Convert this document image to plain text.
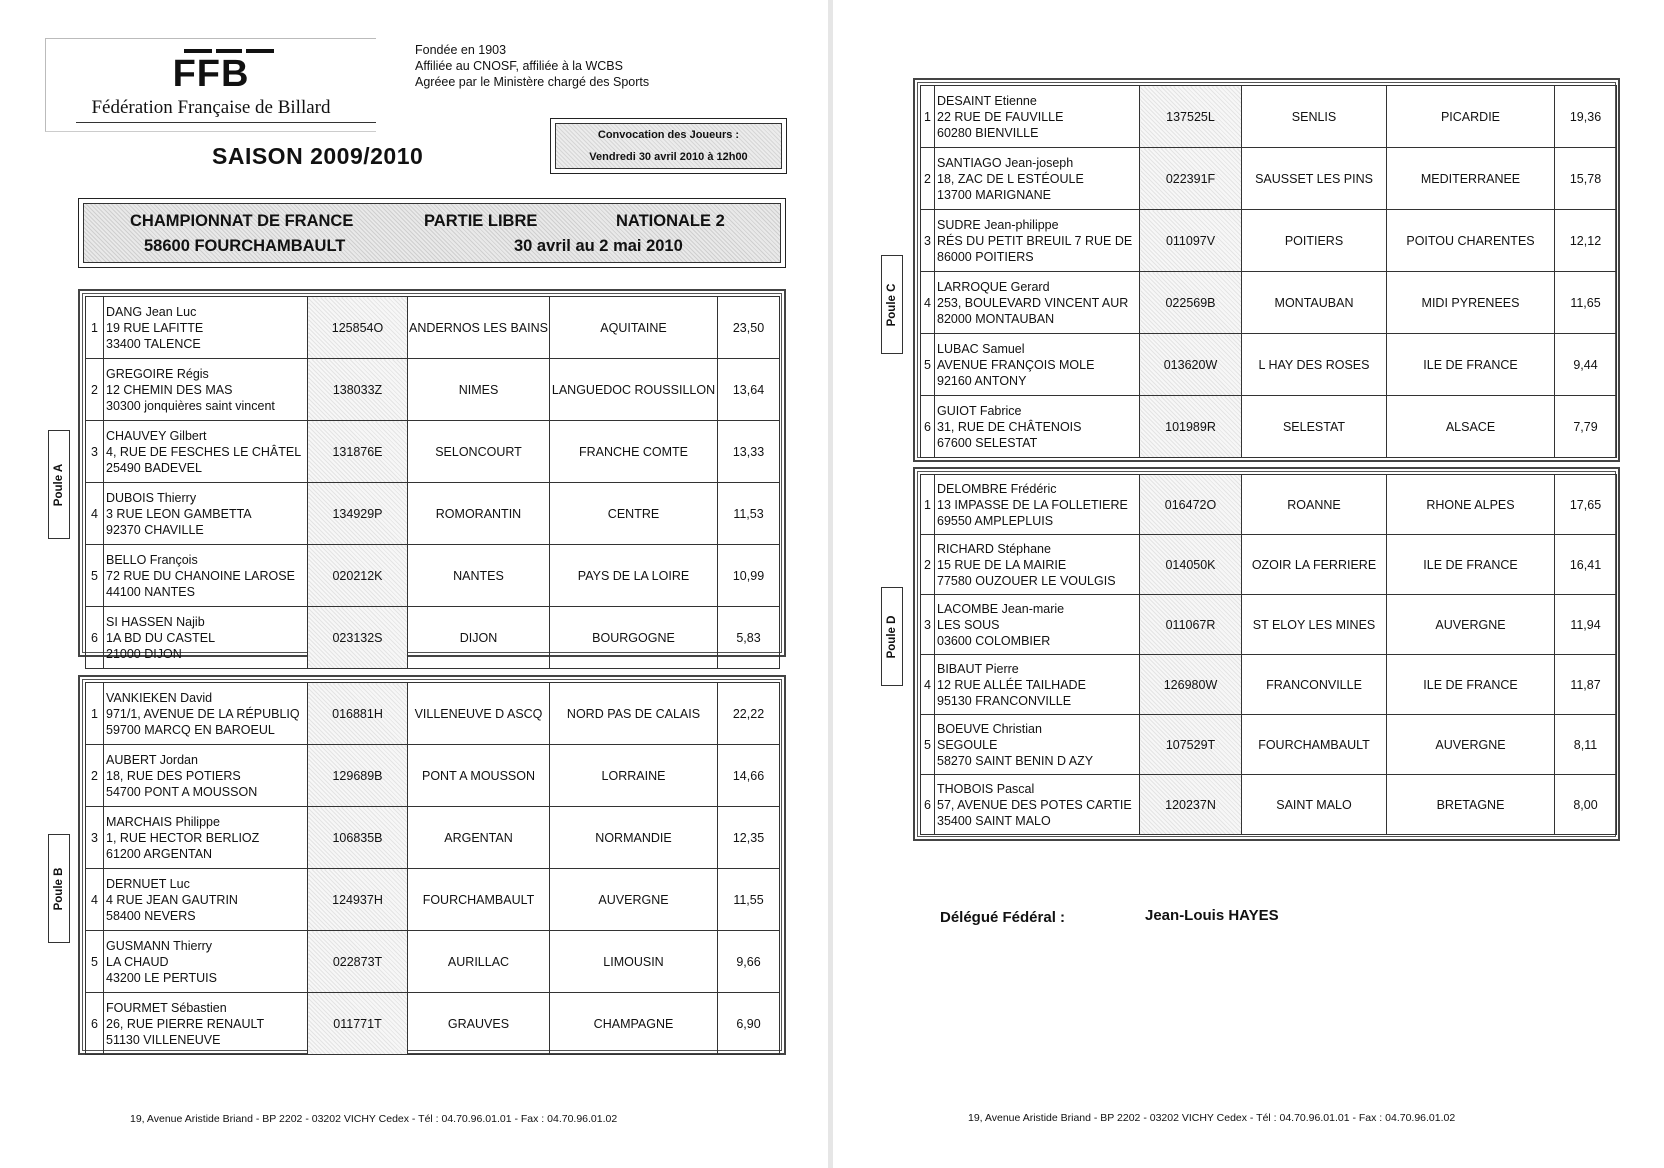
FFB
Fédération Française de Billard
Fondée en 1903
Affiliée au CNOSF, affiliée à la WCBS
Agréee par le Ministère chargé des Sports
SAISON 2009/2010
Convocation des Joueurs :
Vendredi 30 avril 2010 à 12h00
CHAMPIONNAT DE FRANCE	PARTIE LIBRE	NATIONALE 2
58600 FOURCHAMBAULT	30 avril au 2 mai 2010
Poule A
1	DANG Jean Luc
19 RUE LAFITTE
33400 TALENCE	125854O	ANDERNOS LES BAINS	AQUITAINE	23,50
2	GREGOIRE Régis
12 CHEMIN DES MAS
30300 jonquières saint vincent	138033Z	NIMES	LANGUEDOC ROUSSILLON	13,64
3	CHAUVEY Gilbert
4, RUE DE FESCHES LE CHÂTEL
25490 BADEVEL	131876E	SELONCOURT	FRANCHE COMTE	13,33
4	DUBOIS Thierry
3 RUE LEON GAMBETTA
92370 CHAVILLE	134929P	ROMORANTIN	CENTRE	11,53
5	BELLO François
72 RUE DU CHANOINE LAROSE
44100 NANTES	020212K	NANTES	PAYS DE LA LOIRE	10,99
6	SI HASSEN Najib
1A BD DU CASTEL
21000 DIJON	023132S	DIJON	BOURGOGNE	5,83
Poule B
1	VANKIEKEN David
971/1, AVENUE DE LA RÉPUBLIQ
59700 MARCQ EN BAROEUL	016881H	VILLENEUVE D ASCQ	NORD PAS DE CALAIS	22,22
2	AUBERT Jordan
18, RUE DES POTIERS
54700 PONT A MOUSSON	129689B	PONT A MOUSSON	LORRAINE	14,66
3	MARCHAIS Philippe
1, RUE HECTOR BERLIOZ
61200 ARGENTAN	106835B	ARGENTAN	NORMANDIE	12,35
4	DERNUET Luc
4 RUE JEAN GAUTRIN
58400 NEVERS	124937H	FOURCHAMBAULT	AUVERGNE	11,55
5	GUSMANN Thierry
LA CHAUD
43200 LE PERTUIS	022873T	AURILLAC	LIMOUSIN	9,66
6	FOURMET Sébastien
26, RUE PIERRE RENAULT
51130 VILLENEUVE	011771T	GRAUVES	CHAMPAGNE	6,90
19, Avenue Aristide Briand - BP 2202 - 03202 VICHY Cedex - Tél : 04.70.96.01.01 - Fax : 04.70.96.01.02
Poule C
1	DESAINT Etienne
22 RUE DE FAUVILLE
60280 BIENVILLE	137525L	SENLIS	PICARDIE	19,36
2	SANTIAGO Jean-joseph
18, ZAC DE L ESTÉOULE
13700 MARIGNANE	022391F	SAUSSET LES PINS	MEDITERRANEE	15,78
3	SUDRE Jean-philippe
RÉS DU PETIT BREUIL 7 RUE DE
86000 POITIERS	011097V	POITIERS	POITOU CHARENTES	12,12
4	LARROQUE Gerard
253, BOULEVARD VINCENT AUR
82000 MONTAUBAN	022569B	MONTAUBAN	MIDI PYRENEES	11,65
5	LUBAC Samuel
AVENUE FRANÇOIS MOLE
92160 ANTONY	013620W	L HAY DES ROSES	ILE DE FRANCE	9,44
6	GUIOT Fabrice
31, RUE DE CHÂTENOIS
67600 SELESTAT	101989R	SELESTAT	ALSACE	7,79
Poule D
1	DELOMBRE Frédéric
13 IMPASSE DE LA FOLLETIERE
69550 AMPLEPLUIS	016472O	ROANNE	RHONE ALPES	17,65
2	RICHARD Stéphane
15 RUE DE LA MAIRIE
77580 OUZOUER LE VOULGIS	014050K	OZOIR LA FERRIERE	ILE DE FRANCE	16,41
3	LACOMBE Jean-marie
LES SOUS
03600 COLOMBIER	011067R	ST ELOY LES MINES	AUVERGNE	11,94
4	BIBAUT Pierre
12 RUE ALLÉE TAILHADE
95130 FRANCONVILLE	126980W	FRANCONVILLE	ILE DE FRANCE	11,87
5	BOEUVE Christian
SEGOULE
58270 SAINT BENIN D AZY	107529T	FOURCHAMBAULT	AUVERGNE	8,11
6	THOBOIS Pascal
57, AVENUE DES POTES CARTIE
35400 SAINT MALO	120237N	SAINT MALO	BRETAGNE	8,00
Délégué Fédéral :	Jean-Louis HAYES
19, Avenue Aristide Briand - BP 2202 - 03202 VICHY Cedex - Tél : 04.70.96.01.01 - Fax : 04.70.96.01.02
